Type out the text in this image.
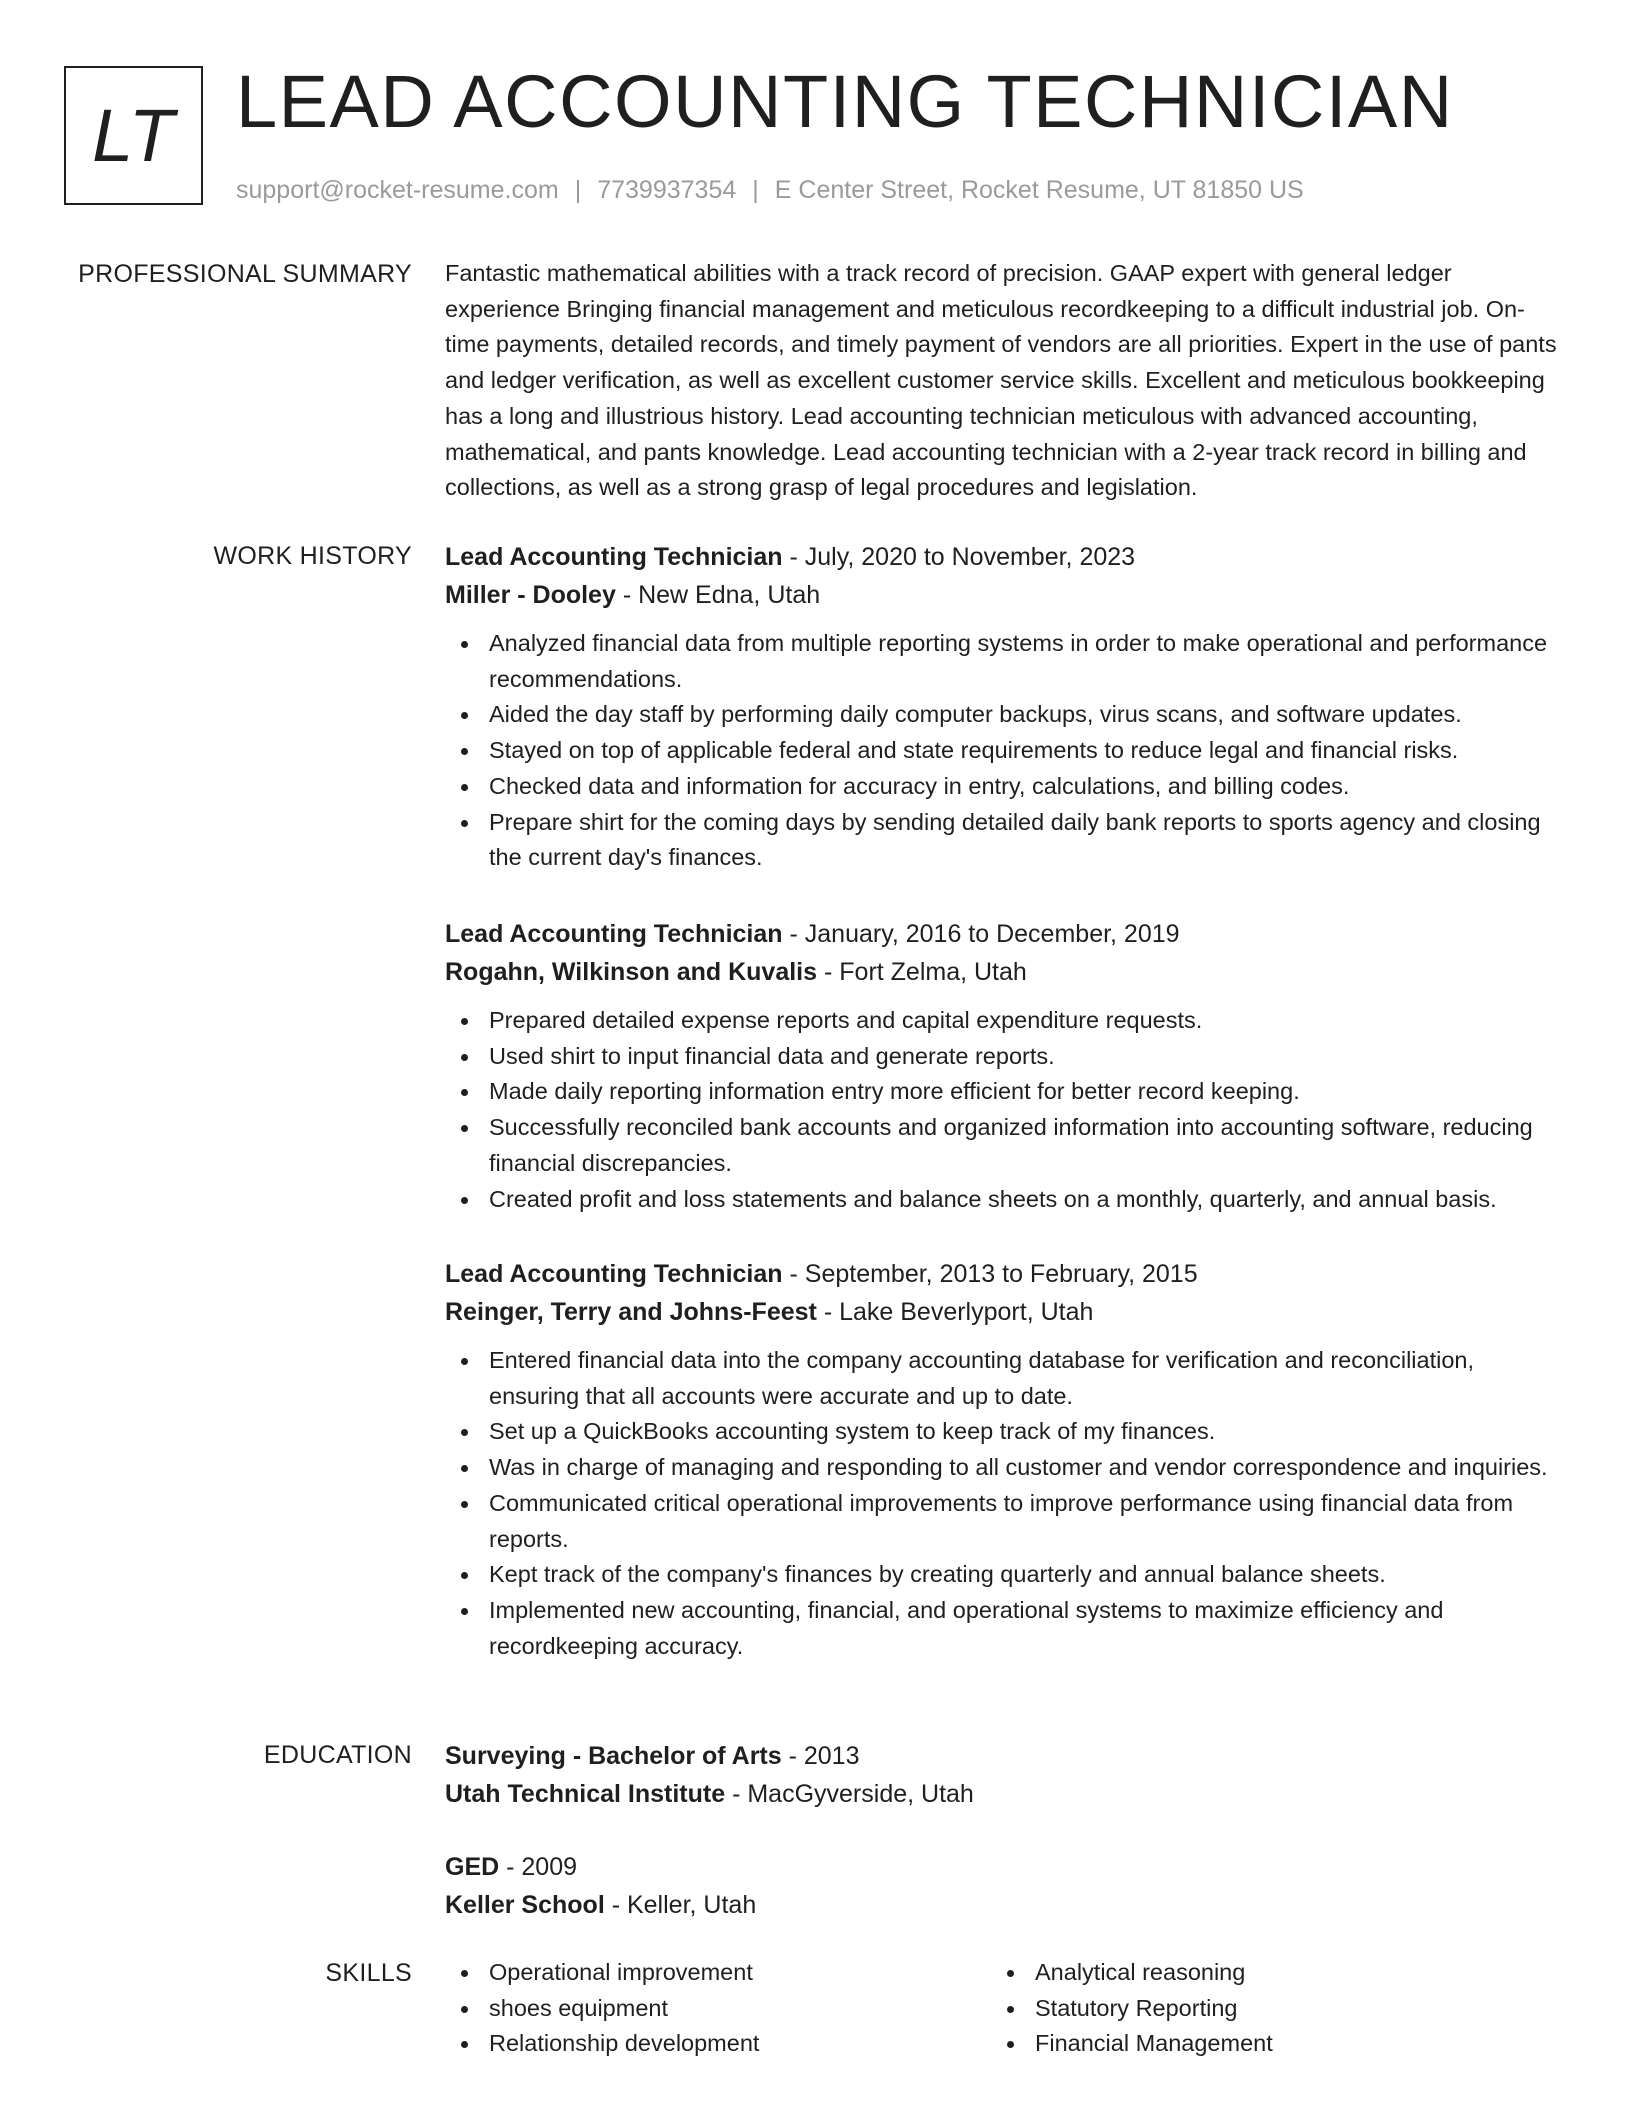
LT LEAD ACCOUNTING TECHNICIAN
support@rocket-resume.com | 7739937354 | E Center Street, Rocket Resume, UT 81850 US
PROFESSIONAL SUMMARY Fantastic mathematical abilities with a track record of precision. GAAP expert with general ledger experience Bringing financial management and meticulous recordkeeping to a difficult industrial job. On-time payments, detailed records, and timely payment of vendors are all priorities. Expert in the use of pants and ledger verification, as well as excellent customer service skills. Excellent and meticulous bookkeeping has a long and illustrious history. Lead accounting technician meticulous with advanced accounting, mathematical, and pants knowledge. Lead accounting technician with a 2-year track record in billing and collections, as well as a strong grasp of legal procedures and legislation.

WORK HISTORY Lead Accounting Technician - July, 2020 to November, 2023
Miller - Dooley - New Edna, Utah
Analyzed financial data from multiple reporting systems in order to make operational and performance recommendations.
Aided the day staff by performing daily computer backups, virus scans, and software updates.
Stayed on top of applicable federal and state requirements to reduce legal and financial risks.
Checked data and information for accuracy in entry, calculations, and billing codes.
Prepare shirt for the coming days by sending detailed daily bank reports to sports agency and closing the current day's finances.
Lead Accounting Technician - January, 2016 to December, 2019
Rogahn, Wilkinson and Kuvalis - Fort Zelma, Utah
Prepared detailed expense reports and capital expenditure requests.
Used shirt to input financial data and generate reports.
Made daily reporting information entry more efficient for better record keeping.
Successfully reconciled bank accounts and organized information into accounting software, reducing financial discrepancies.
Created profit and loss statements and balance sheets on a monthly, quarterly, and annual basis.
Lead Accounting Technician - September, 2013 to February, 2015
Reinger, Terry and Johns-Feest - Lake Beverlyport, Utah
Entered financial data into the company accounting database for verification and reconciliation, ensuring that all accounts were accurate and up to date.
Set up a QuickBooks accounting system to keep track of my finances.
Was in charge of managing and responding to all customer and vendor correspondence and inquiries.
Communicated critical operational improvements to improve performance using financial data from reports.
Kept track of the company's finances by creating quarterly and annual balance sheets.
Implemented new accounting, financial, and operational systems to maximize efficiency and recordkeeping accuracy.
EDUCATION Surveying - Bachelor of Arts - 2013
Utah Technical Institute - MacGyverside, Utah
GED - 2009
Keller School - Keller, Utah
SKILLS	Operational improvement
shoes equipment
Relationship development
Analytical reasoning
Statutory Reporting
Financial Management
